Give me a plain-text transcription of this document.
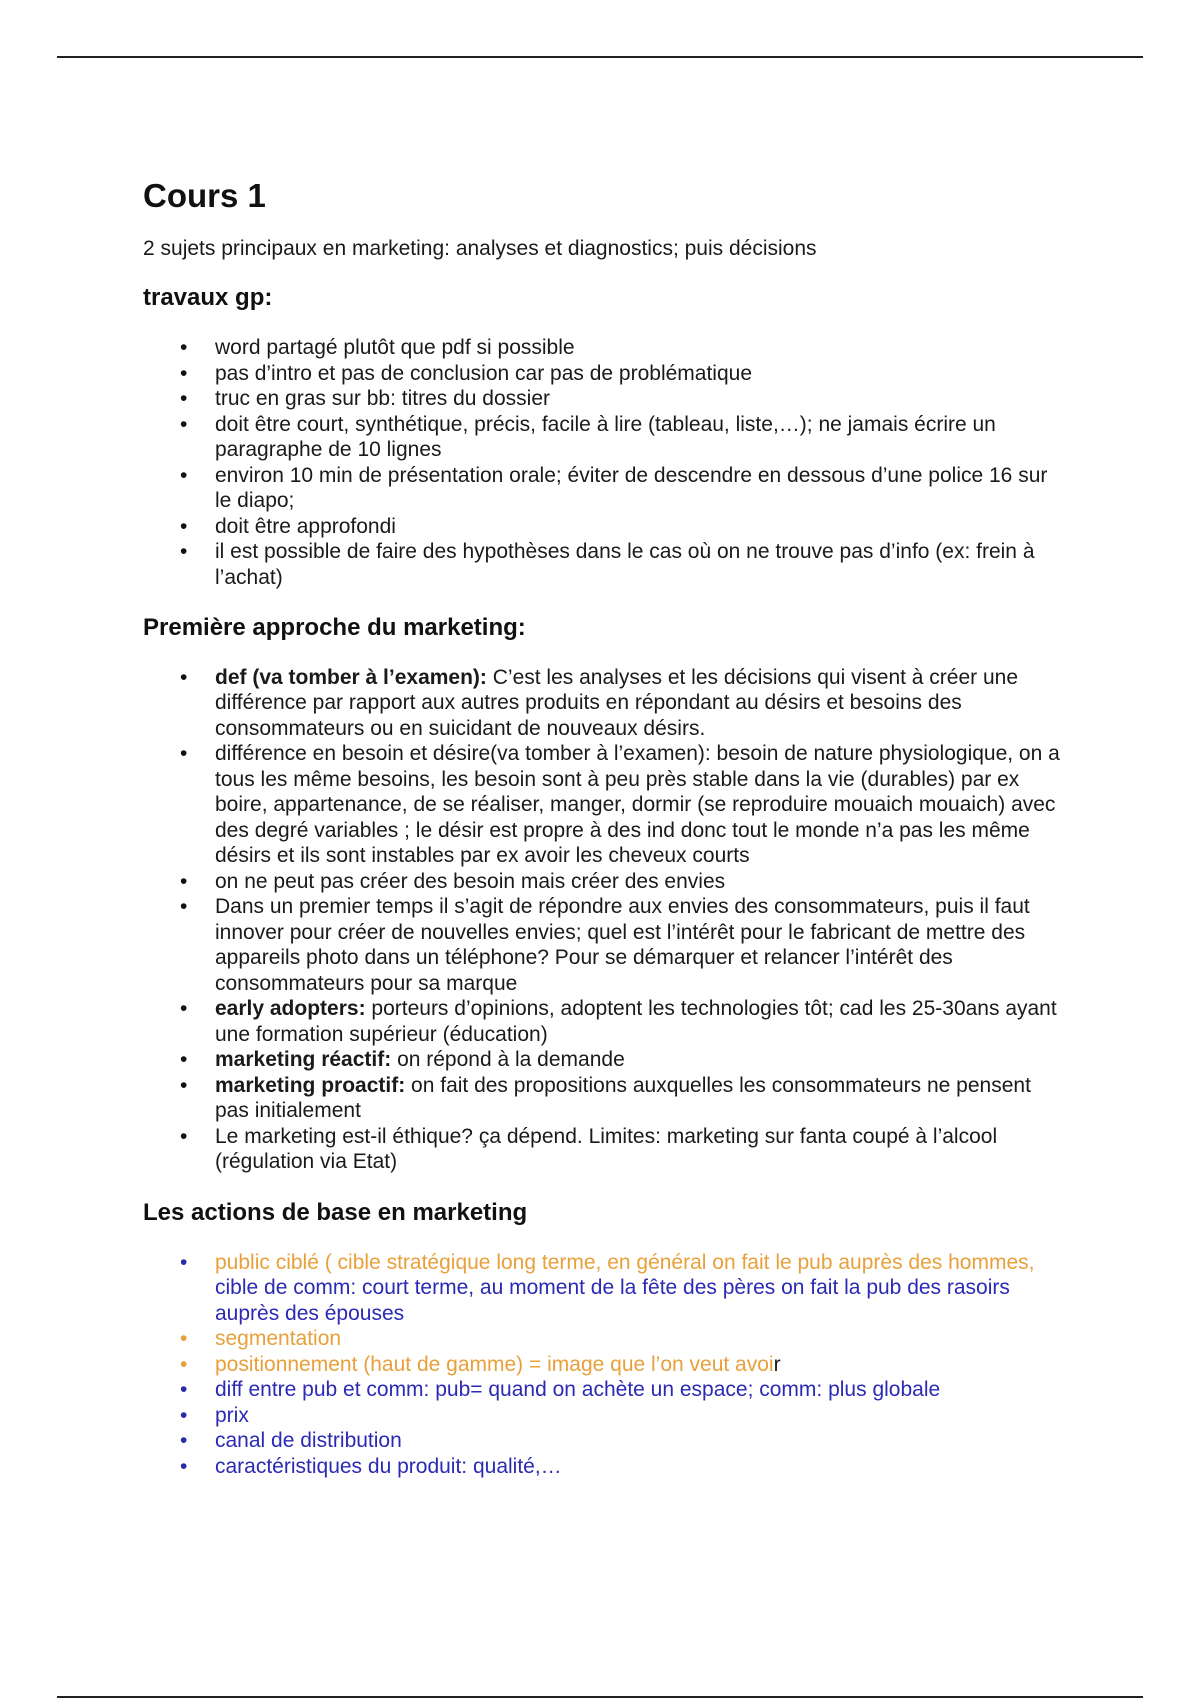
Cours 1

2 sujets principaux en marketing: analyses et diagnostics; puis décisions

travaux gp:
• word partagé plutôt que pdf si possible
• pas d’intro et pas de conclusion car pas de problématique
• truc en gras sur bb: titres du dossier
• doit être court, synthétique, précis, facile à lire (tableau, liste,…); ne jamais écrire un paragraphe de 10 lignes
• environ 10 min de présentation orale; éviter de descendre en dessous d’une police 16 sur le diapo;
• doit être approfondi
• il est possible de faire des hypothèses dans le cas où on ne trouve pas d’info (ex: frein à l’achat)
Première approche du marketing:
• def (va tomber à l’examen): C’est les analyses et les décisions qui visent à créer une différence par rapport aux autres produits en répondant au désirs et besoins des consommateurs ou en suicidant de nouveaux désirs.
• différence en besoin et désire(va tomber à l’examen): besoin de nature physiologique, on a tous les même besoins, les besoin sont à peu près stable dans la vie (durables) par ex boire, appartenance, de se réaliser, manger, dormir (se reproduire mouaich mouaich) avec des degré variables ; le désir est propre à des ind donc tout le monde n’a pas les même désirs et ils sont instables par ex avoir les cheveux courts
• on ne peut pas créer des besoin mais créer des envies
• Dans un premier temps il s’agit de répondre aux envies des consommateurs, puis il faut innover pour créer de nouvelles envies; quel est l’intérêt pour le fabricant de mettre des appareils photo dans un téléphone? Pour se démarquer et relancer l’intérêt des consommateurs pour sa marque
• early adopters: porteurs d’opinions, adoptent les technologies tôt; cad les 25-30ans ayant une formation supérieur (éducation)
• marketing réactif: on répond à la demande
• marketing proactif: on fait des propositions auxquelles les consommateurs ne pensent pas initialement
• Le marketing est-il éthique? ça dépend. Limites: marketing sur fanta coupé à l’alcool (régulation via Etat)
Les actions de base en marketing
• public ciblé ( cible stratégique long terme, en général on fait le pub auprès des hommes, cible de comm: court terme, au moment de la fête des pères on fait la pub des rasoirs auprès des épouses
• segmentation
• positionnement (haut de gamme) = image que l’on veut avoir
• diff entre pub et comm: pub= quand on achète un espace; comm: plus globale
• prix
• canal de distribution
• caractéristiques du produit: qualité,…
